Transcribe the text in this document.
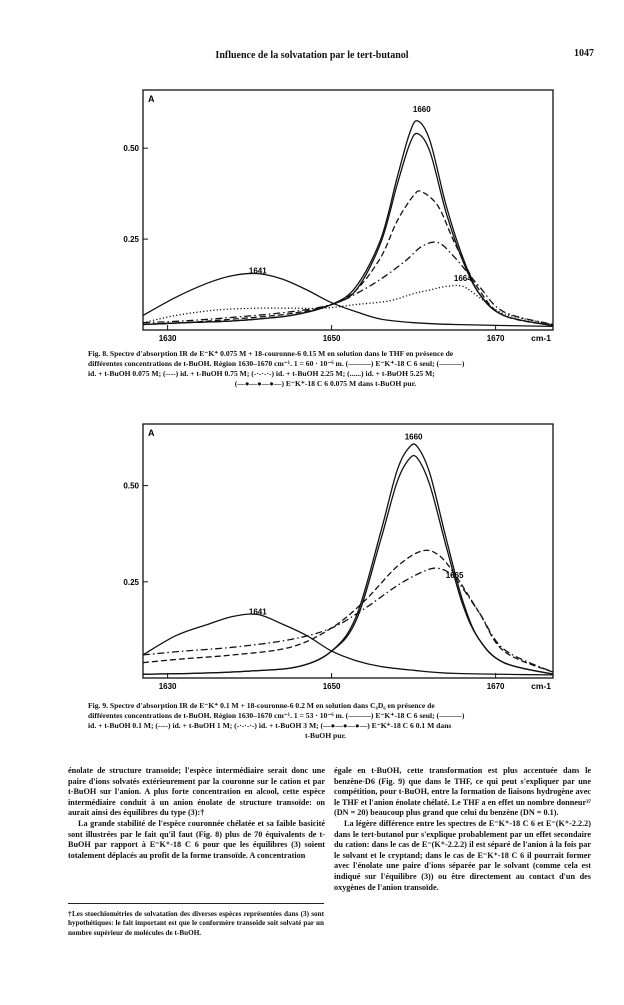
Influence de la solvatation par le tert-butanol	1047
A
0.50
0.25
1630	1650	1670	cm-1
1660
1641
1664
Fig. 8. Spectre d'absorption IR de E⁻K⁺ 0.075 M + 18-couronne-6 0.15 M en solution dans le THF en présence de
différentes concentrations de t-BuOH. Région 1630–1670 cm⁻¹. 1 = 60 · 10⁻⁶ m. (———) E⁻K⁺-18 C 6 seul; (———)
id. + t-BuOH 0.075 M; (----) id. + t-BuOH 0.75 M; (-·-·-·-) id. + t-BuOH 2.25 M; (......) id. + t-BuOH 5.25 M;
(—●—●—●—) E⁻K⁺-18 C 6 0.075 M dans t-BuOH pur.
A
0.50
0.25
1630	1650	1670	cm-1
1660
1641
1665
Fig. 9. Spectre d'absorption IR de E⁻K⁺ 0.1 M + 18-couronne-6 0.2 M en solution dans C₆D₆ en présence de
différentes concentrations de t-BuOH. Région 1630–1670 cm⁻¹. 1 = 53 · 10⁻⁶ m. (———) E⁻K⁺-18 C 6 seul; (———)
id. + t-BuOH 0.1 M; (----) id. + t-BuOH 1 M; (-·-·-·-) id. + t-BuOH 3 M; (—●—●—●—) E⁻K⁺-18 C 6 0.1 M dans
t-BuOH pur.

énolate de structure transoïde; l'espèce intermédiaire serait donc une paire d'ions solvatés extérieurement par la couronne sur le cation et par t-BuOH sur l'anion. A plus forte concentration en alcool, cette espèce intermédiaire conduit à un anion énolate de structure transoïde: on aurait ainsi des équilibres du type (3):†

La grande stabilité de l'espèce couronnée chélatée et sa faible basicité sont illustrées par le fait qu'il faut (Fig. 8) plus de 70 équivalents de t-BuOH par rapport à E⁻K⁺-18 C 6 pour que les équilibres (3) soient totalement déplacés au profit de la forme transoïde. A concentration

†Les stoechiométries de solvatation des diverses espèces représentées dans (3) sont hypothétiques: le fait important est que le conformère transoïde soit solvaté par un nombre supérieur de molécules de t-BuOH.

égale en t-BuOH, cette transformation est plus accentuée dans le benzène-D6 (Fig. 9) que dans le THF, ce qui peut s'expliquer par une compétition, pour t-BuOH, entre la formation de liaisons hydrogène avec le THF et l'anion énolate chélaté. Le THF a en effet un nombre donneur³⁷ (DN = 20) beaucoup plus grand que celui du benzène (DN = 0.1).

La légère différence entre les spectres de E⁻K⁺-18 C 6 et E⁻(K⁺-2.2.2) dans le tert-butanol pur s'explique probablement par un effet secondaire du cation: dans le cas de E⁻(K⁺-2.2.2) il est séparé de l'anion à la fois par le solvant et le cryptand; dans le cas de E⁻K⁺-18 C 6 il pourrait former avec l'énolate une paire d'ions séparée par le solvant (comme cela est indiqué sur l'équilibre (3)) ou être directement au contact d'un des oxygènes de l'anion transoïde.
